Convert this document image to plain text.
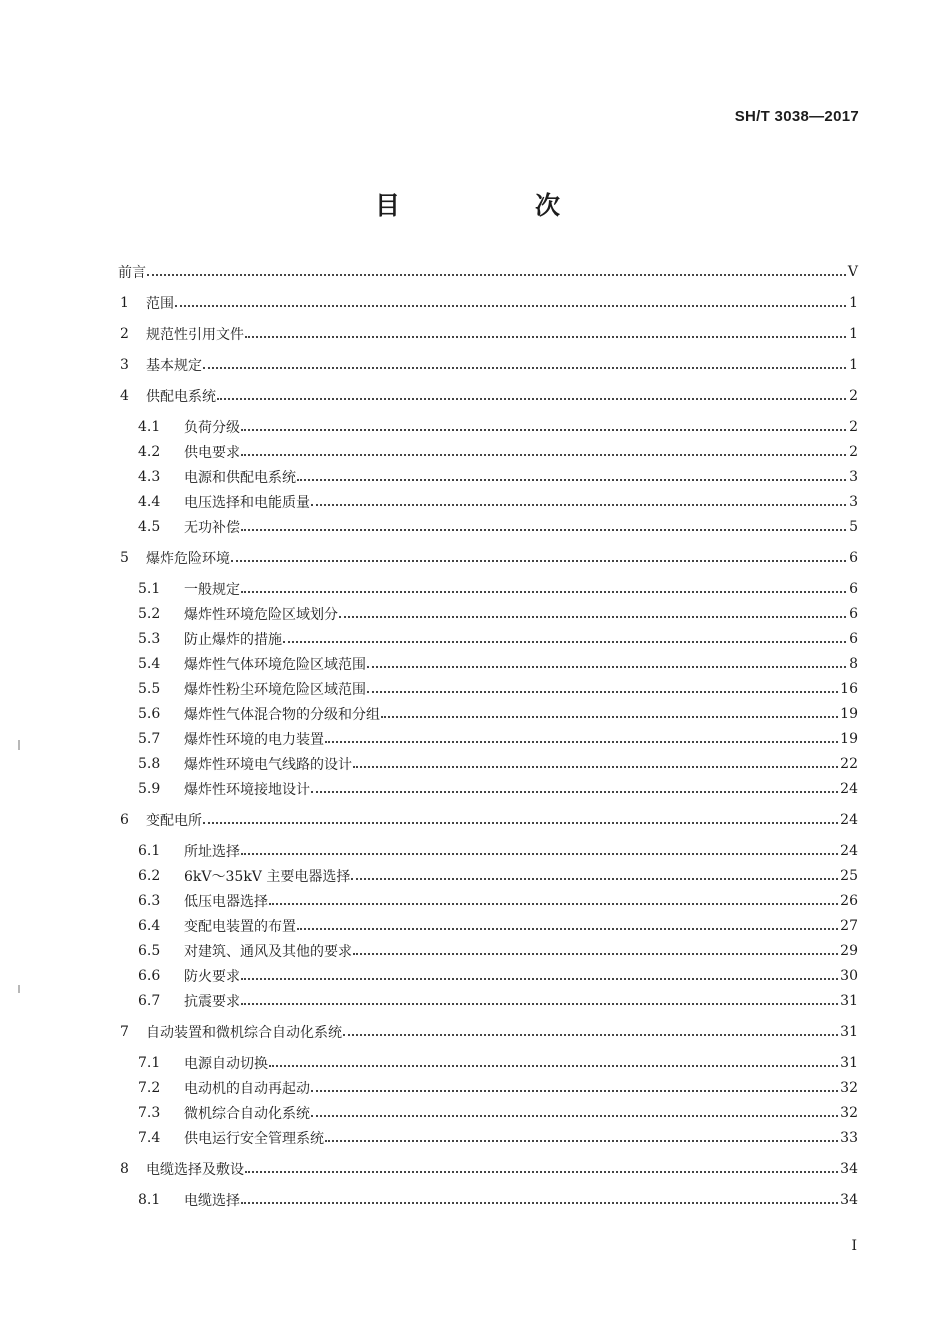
SH/T 3038—2017
目　次
前言	V
1	范围	1
2	规范性引用文件	1
3	基本规定	1
4	供配电系统	2
4.1	负荷分级	2
4.2	供电要求	2
4.3	电源和供配电系统	3
4.4	电压选择和电能质量	3
4.5	无功补偿	5
5	爆炸危险环境	6
5.1	一般规定	6
5.2	爆炸性环境危险区域划分	6
5.3	防止爆炸的措施	6
5.4	爆炸性气体环境危险区域范围	8
5.5	爆炸性粉尘环境危险区域范围	16
5.6	爆炸性气体混合物的分级和分组	19
5.7	爆炸性环境的电力装置	19
5.8	爆炸性环境电气线路的设计	22
5.9	爆炸性环境接地设计	24
6	变配电所	24
6.1	所址选择	24
6.2	6kV～35kV 主要电器选择	25
6.3	低压电器选择	26
6.4	变配电装置的布置	27
6.5	对建筑、通风及其他的要求	29
6.6	防火要求	30
6.7	抗震要求	31
7	自动装置和微机综合自动化系统	31
7.1	电源自动切换	31
7.2	电动机的自动再起动	32
7.3	微机综合自动化系统	32
7.4	供电运行安全管理系统	33
8	电缆选择及敷设	34
8.1	电缆选择	34
I
